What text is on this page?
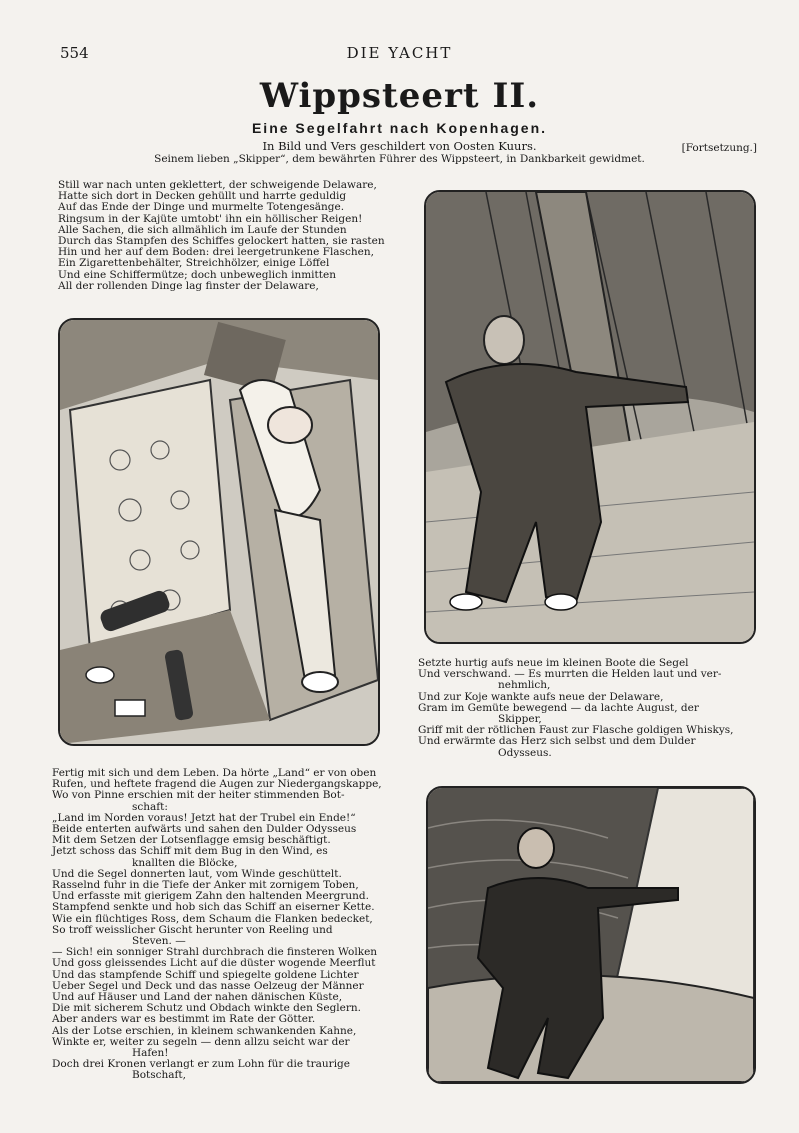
554	DIE YACHT
Wippsteert II.
Eine Segelfahrt nach Kopenhagen.
In Bild und Vers geschildert von Oosten Kuurs.
Seinem lieben „Skipper“, dem bewährten Führer des Wippsteert, in Dankbarkeit gewidmet.
[Fortsetzung.]
Still war nach unten geklettert, der schweigende Delaware,
Hatte sich dort in Decken gehüllt und harrte geduldig
Auf das Ende der Dinge und murmelte Totengesänge.
Ringsum in der Kajüte umtobt' ihn ein höllischer Reigen!
Alle Sachen, die sich allmählich im Laufe der Stunden
Durch das Stampfen des Schiffes gelockert hatten, sie rasten
Hin und her auf dem Boden: drei leergetrunkene Flaschen,
Ein Zigarettenbehälter, Streichhölzer, einige Löffel
Und eine Schiffermütze; doch unbeweglich inmitten
All der rollenden Dinge lag finster der Delaware,
Setzte hurtig aufs neue im kleinen Boote die Segel
Und verschwand. — Es murrten die Helden laut und ver-
nehmlich,
Und zur Koje wankte aufs neue der Delaware,
Gram im Gemüte bewegend — da lachte August, der
Skipper,
Griff mit der rötlichen Faust zur Flasche goldigen Whiskys,
Und erwärmte das Herz sich selbst und dem Dulder
Odysseus.
Fertig mit sich und dem Leben. Da hörte „Land“ er von oben
Rufen, und heftete fragend die Augen zur Niedergangskappe,
Wo von Pinne erschien mit der heiter stimmenden Bot-
schaft:
„Land im Norden voraus! Jetzt hat der Trubel ein Ende!“
Beide enterten aufwärts und sahen den Dulder Odysseus
Mit dem Setzen der Lotsenflagge emsig beschäftigt.
Jetzt schoss das Schiff mit dem Bug in den Wind, es
knallten die Blöcke,
Und die Segel donnerten laut, vom Winde geschüttelt.
Rasselnd fuhr in die Tiefe der Anker mit zornigem Toben,
Und erfasste mit gierigem Zahn den haltenden Meergrund.
Stampfend senkte und hob sich das Schiff an eiserner Kette.
Wie ein flüchtiges Ross, dem Schaum die Flanken bedecket,
So troff weisslicher Gischt herunter von Reeling und
Steven. —
— Sich! ein sonniger Strahl durchbrach die finsteren Wolken
Und goss gleissendes Licht auf die düster wogende Meerflut
Und das stampfende Schiff und spiegelte goldene Lichter
Ueber Segel und Deck und das nasse Oelzeug der Männer
Und auf Häuser und Land der nahen dänischen Küste,
Die mit sicherem Schutz und Obdach winkte den Seglern.
Aber anders war es bestimmt im Rate der Götter.
Als der Lotse erschien, in kleinem schwankenden Kahne,
Winkte er, weiter zu segeln — denn allzu seicht war der
Hafen!
Doch drei Kronen verlangt er zum Lohn für die traurige
Botschaft,
